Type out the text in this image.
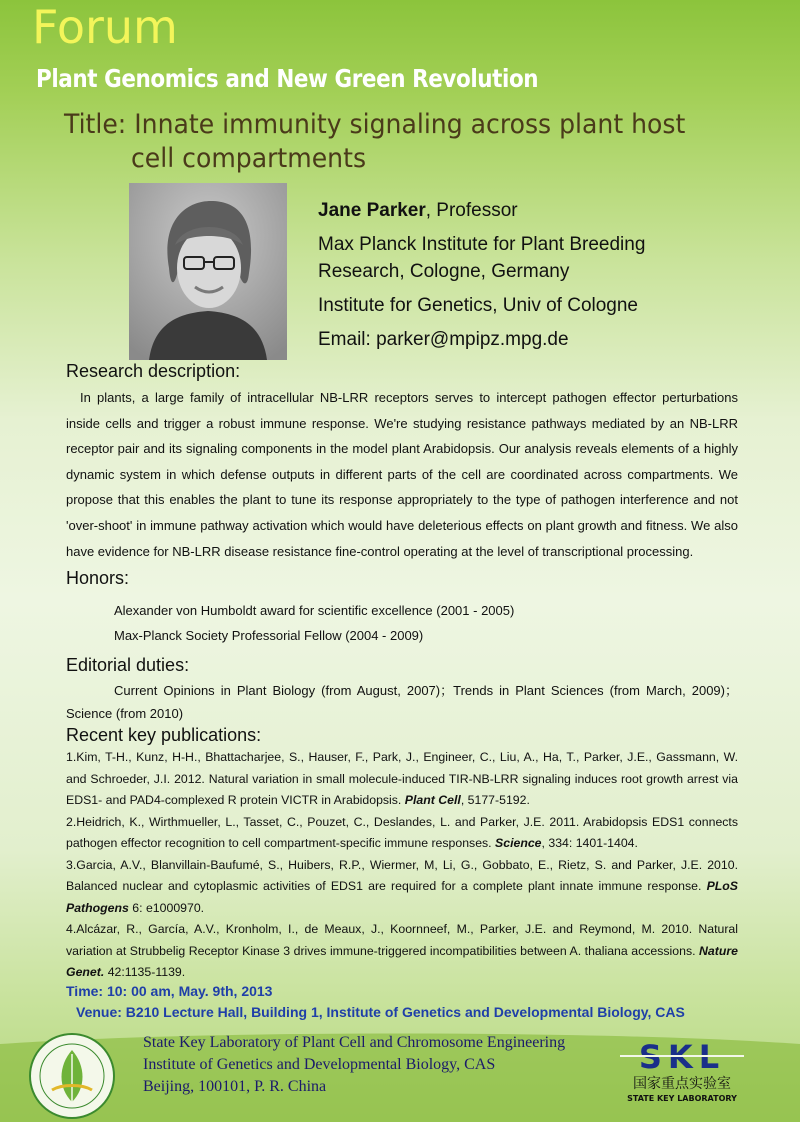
Forum
Plant Genomics and New Green Revolution
Title: Innate immunity signaling across plant host
cell compartments

Jane Parker, Professor

Max Planck Institute for Plant Breeding

Research, Cologne, Germany

Institute for Genetics, Univ of Cologne

Email: parker@mpipz.mpg.de

Research description:
In plants, a large family of intracellular NB-LRR receptors serves to intercept pathogen effector perturbations inside cells and trigger a robust immune response. We're studying resistance pathways mediated by an NB-LRR receptor pair and its signaling components in the model plant Arabidopsis. Our analysis reveals elements of a highly dynamic system in which defense outputs in different parts of the cell are coordinated across compartments. We propose that this enables the plant to tune its response appropriately to the type of pathogen interference and not 'over-shoot' in immune pathway activation which would have deleterious effects on plant growth and fitness. We also have evidence for NB-LRR disease resistance fine-control operating at the level of transcriptional processing.
Honors:
Alexander von Humboldt award for scientific excellence (2001 - 2005)
Max-Planck Society Professorial Fellow (2004 - 2009)
Editorial duties:
Current Opinions in Plant Biology (from August, 2007)；Trends in Plant Sciences (from March, 2009)；Science (from 2010)
Recent key publications:

1.Kim, T-H., Kunz, H-H., Bhattacharjee, S., Hauser, F., Park, J., Engineer, C., Liu, A., Ha, T., Parker, J.E., Gassmann, W. and Schroeder, J.I. 2012. Natural variation in small molecule-induced TIR-NB-LRR signaling induces root growth arrest via EDS1- and PAD4-complexed R protein VICTR in Arabidopsis. Plant Cell, 5177-5192.

2.Heidrich, K., Wirthmueller, L., Tasset, C., Pouzet, C., Deslandes, L. and Parker, J.E. 2011. Arabidopsis EDS1 connects pathogen effector recognition to cell compartment-specific immune responses. Science, 334: 1401-1404.

3.Garcia, A.V., Blanvillain-Baufumé, S., Huibers, R.P., Wiermer, M, Li, G., Gobbato, E., Rietz, S. and Parker, J.E. 2010. Balanced nuclear and cytoplasmic activities of EDS1 are required for a complete plant innate immune response. PLoS Pathogens 6: e1000970.

4.Alcázar, R., García, A.V., Kronholm, I., de Meaux, J., Koornneef, M., Parker, J.E. and Reymond, M. 2010. Natural variation at Strubbelig Receptor Kinase 3 drives immune-triggered incompatibilities between A. thaliana accessions. Nature Genet. 42:1135-1139.

Time: 10: 00 am, May. 9th, 2013
Venue: B210 Lecture Hall, Building 1, Institute of Genetics and Developmental Biology, CAS
State Key Laboratory of Plant Cell and Chromosome Engineering
Institute of Genetics and Developmental Biology, CAS
Beijing, 100101, P. R. China
SKL
国家重点实验室
STATE KEY LABORATORY
